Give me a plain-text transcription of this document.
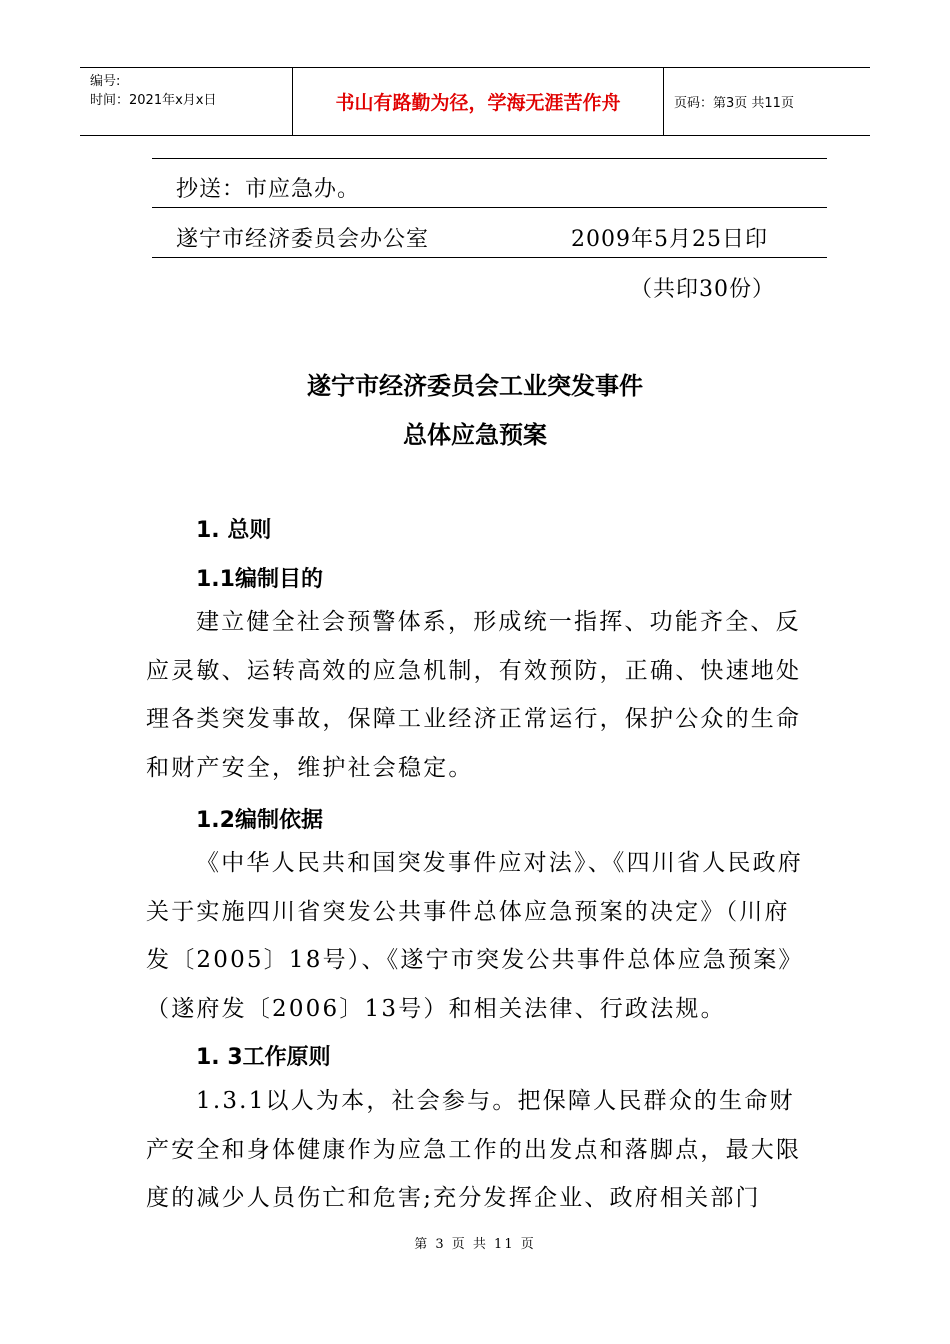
编号:
时间：2021年x月x日	书山有路勤为径，学海无涯苦作舟	页码：第3页 共11页
抄送：市应急办。
遂宁市经济委员会办公室	2009年5月25日印
（共印30份）
遂宁市经济委员会工业突发事件
总体应急预案
1. 总则
1.1编制目的
建立健全社会预警体系，形成统一指挥、功能齐全、反应灵敏、运转高效的应急机制，有效预防，正确、快速地处理各类突发事故，保障工业经济正常运行，保护公众的生命和财产安全，维护社会稳定。
1.2编制依据
《中华人民共和国突发事件应对法》、《四川省人民政府关于实施四川省突发公共事件总体应急预案的决定》（川府发〔2005〕18号）、《遂宁市突发公共事件总体应急预案》（遂府发〔2006〕13号）和相关法律、行政法规。
1. 3工作原则
1.3.1以人为本，社会参与。把保障人民群众的生命财产安全和身体健康作为应急工作的出发点和落脚点，最大限度的减少人员伤亡和危害;充分发挥企业、政府相关部门
第 3 页 共 11 页
